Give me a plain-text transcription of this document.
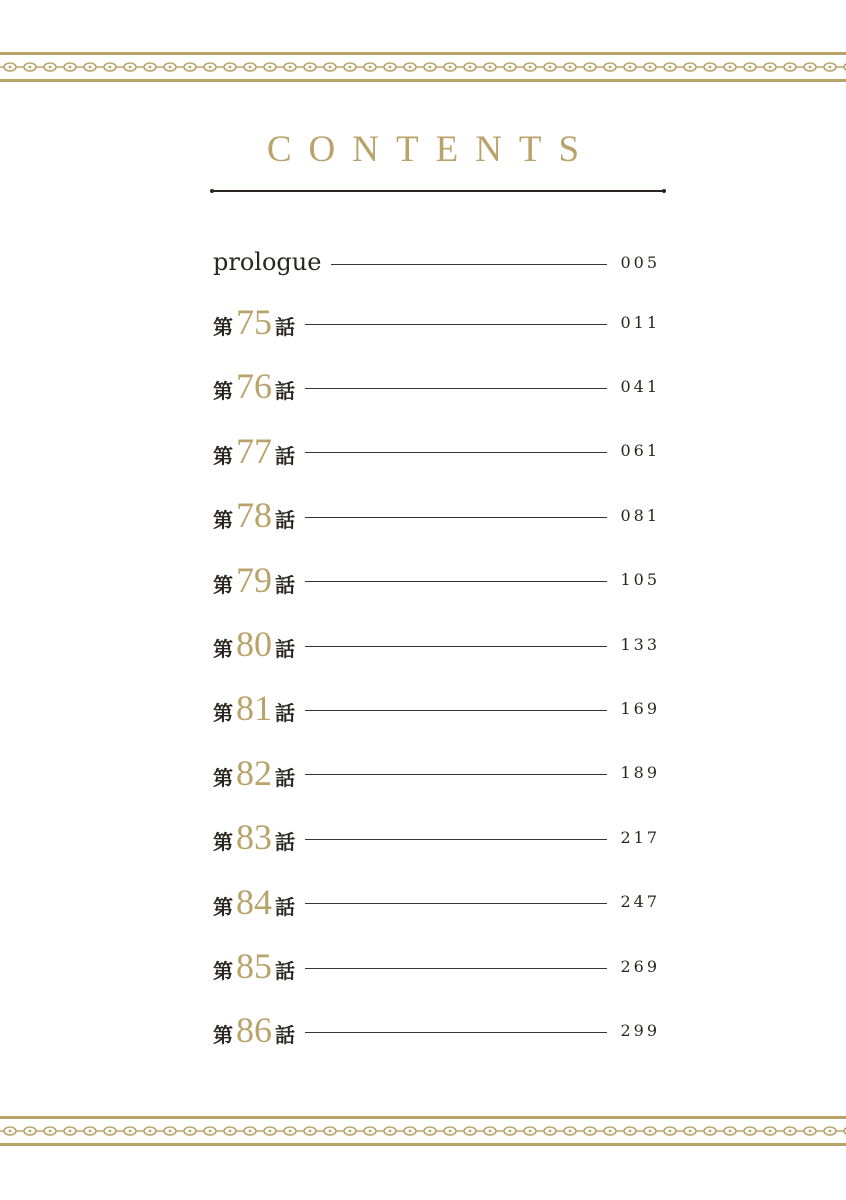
CONTENTS
prologue	005
第 75 話	011
第 76 話	041
第 77 話	061
第 78 話	081
第 79 話	105
第 80 話	133
第 81 話	169
第 82 話	189
第 83 話	217
第 84 話	247
第 85 話	269
第 86 話	299
